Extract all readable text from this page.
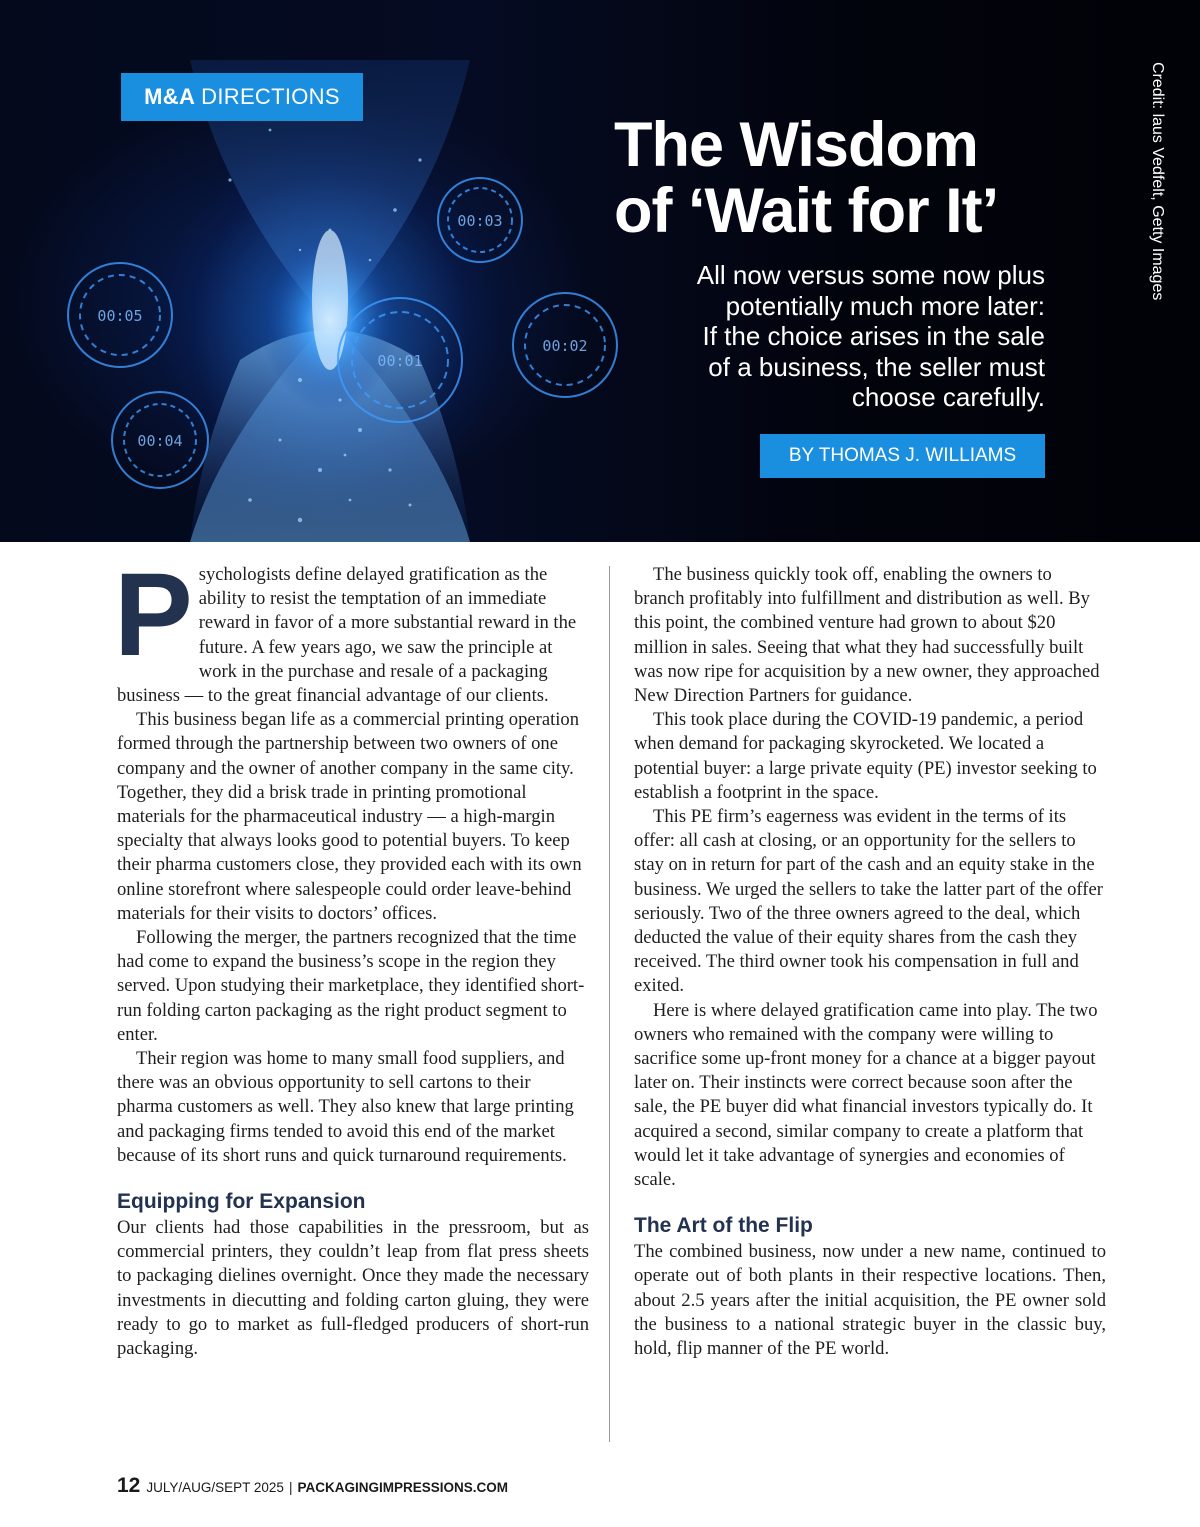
00:05
00:03
00:01
00:02
00:04
M&A DIRECTIONS
The Wisdom
of ‘Wait for It’
All now versus some now plus
potentially much more later:
If the choice arises in the sale
of a business, the seller must
choose carefully.
BY THOMAS J. WILLIAMS
Credit: laus Vedfelt, Getty Images

Psychologists define delayed gratification as the ability to resist the temptation of an immediate reward in favor of a more substantial reward in the future. A few years ago, we saw the principle at work in the purchase and resale of a packaging business — to the great financial advantage of our clients.

This business began life as a commercial printing operation formed through the partnership between two owners of one company and the owner of another company in the same city. Together, they did a brisk trade in printing promotional materials for the pharmaceutical industry — a high-margin specialty that always looks good to potential buyers. To keep their pharma customers close, they provided each with its own online storefront where salespeople could order leave-behind materials for their visits to doctors’ offices.

Following the merger, the partners recognized that the time had come to expand the business’s scope in the region they served. Upon studying their marketplace, they identified short-run folding carton packaging as the right product segment to enter.

Their region was home to many small food suppliers, and there was an obvious opportunity to sell cartons to their pharma customers as well. They also knew that large printing and packaging firms tended to avoid this end of the market because of its short runs and quick turnaround requirements.

Equipping for Expansion

Our clients had those capabilities in the pressroom, but as commercial printers, they couldn’t leap from flat press sheets to packaging dielines overnight. Once they made the necessary investments in diecutting and folding carton gluing, they were ready to go to market as full-fledged producers of short-run packaging.

The business quickly took off, enabling the owners to branch profitably into fulfillment and distribution as well. By this point, the combined venture had grown to about $20 million in sales. Seeing that what they had successfully built was now ripe for acquisition by a new owner, they approached New Direction Partners for guidance.

This took place during the COVID-19 pandemic, a period when demand for packaging skyrocketed. We located a potential buyer: a large private equity (PE) investor seeking to establish a footprint in the space.

This PE firm’s eagerness was evident in the terms of its offer: all cash at closing, or an opportunity for the sellers to stay on in return for part of the cash and an equity stake in the business. We urged the sellers to take the latter part of the offer seriously. Two of the three owners agreed to the deal, which deducted the value of their equity shares from the cash they received. The third owner took his compensation in full and exited.

Here is where delayed gratification came into play. The two owners who remained with the company were willing to sacrifice some up-front money for a chance at a bigger payout later on. Their instincts were correct because soon after the sale, the PE buyer did what financial investors typically do. It acquired a second, similar company to create a platform that would let it take advantage of synergies and economies of scale.

The Art of the Flip

The combined business, now under a new name, continued to operate out of both plants in their respective locations. Then, about 2.5 years after the initial acquisition, the PE owner sold the business to a national strategic buyer in the classic buy, hold, flip manner of the PE world.

12 JULY/AUG/SEPT 2025 | PACKAGINGIMPRESSIONS.COM
